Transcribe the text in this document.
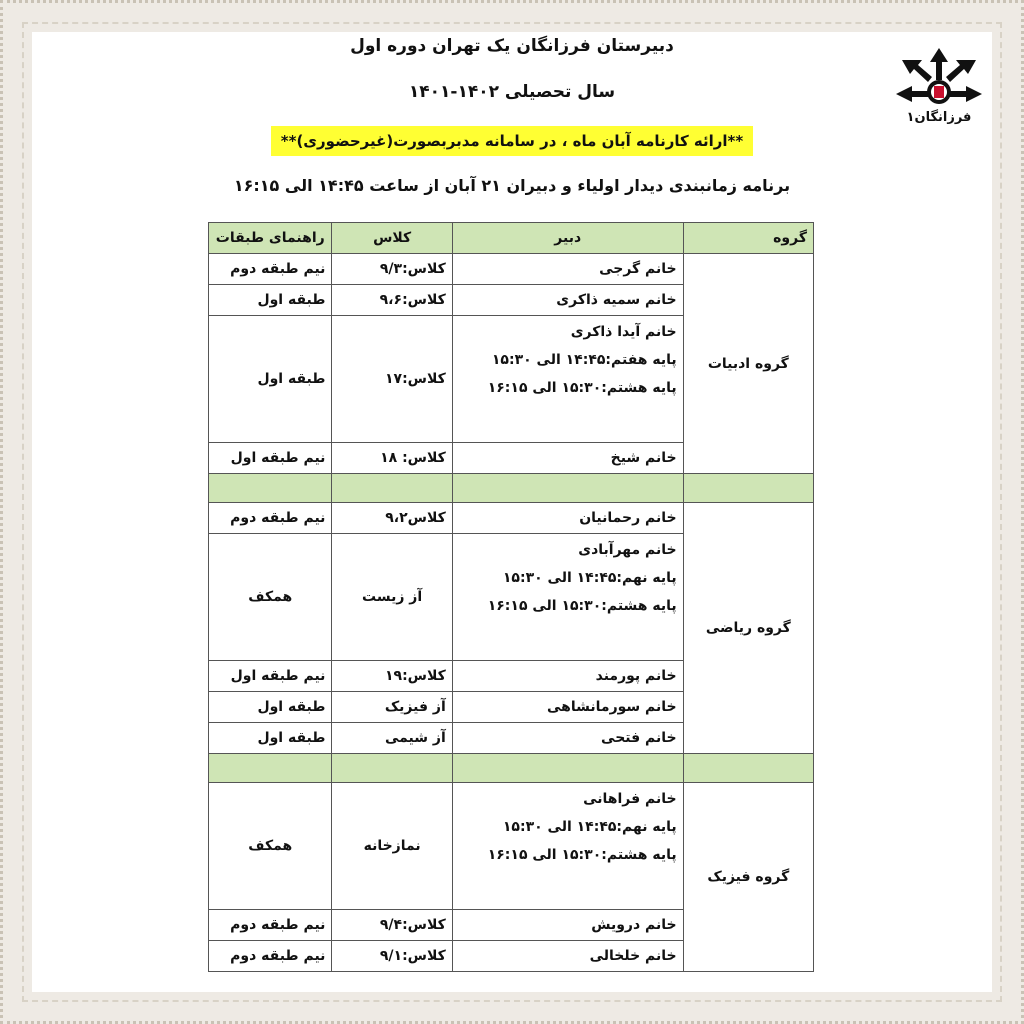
دبیرستان فرزانگان یک تهران دوره اول
سال تحصیلی ۱۴۰۲-۱۴۰۱
**ارائه کارنامه آبان ماه ، در سامانه مدبربصورت(غیرحضوری)**
برنامه زمانبندی دیدار اولیاء و دبیران ۲۱ آبان از ساعت ۱۴:۴۵ الی ۱۶:۱۵
فرزانگان۱
گروه	دبیر	کلاس	راهنمای طبقات
گروه ادبیات	خانم گرجی	کلاس:۹/۳	نیم طبقه دوم

	خانم سمیه ذاکری	کلاس:۹،۶	طبقه اول

	خانم آیدا ذاکری
پایه هفتم:۱۴:۴۵ الی ۱۵:۳۰
پایه هشتم:۱۵:۳۰ الی ۱۶:۱۵	کلاس:۱۷	طبقه اول

	خانم شیخ	کلاس: ۱۸	نیم طبقه اول

گروه ریاضی	خانم رحمانیان	کلاس۹،۲	نیم طبقه دوم

	خانم مهرآبادی
پایه نهم:۱۴:۴۵ الی ۱۵:۳۰
پایه هشتم:۱۵:۳۰ الی ۱۶:۱۵	آز زیست	همکف

	خانم پورمند	کلاس:۱۹	نیم طبقه اول

	خانم سورمانشاهی	آز فیزیک	طبقه اول

	خانم فتحی	آز شیمی	طبقه اول

گروه فیزیک	خانم فراهانی
پایه نهم:۱۴:۴۵ الی ۱۵:۳۰
پایه هشتم:۱۵:۳۰ الی ۱۶:۱۵	نمازخانه	همکف

	خانم درویش	کلاس:۹/۴	نیم طبقه دوم

	خانم خلخالی	کلاس:۹/۱	نیم طبقه دوم
